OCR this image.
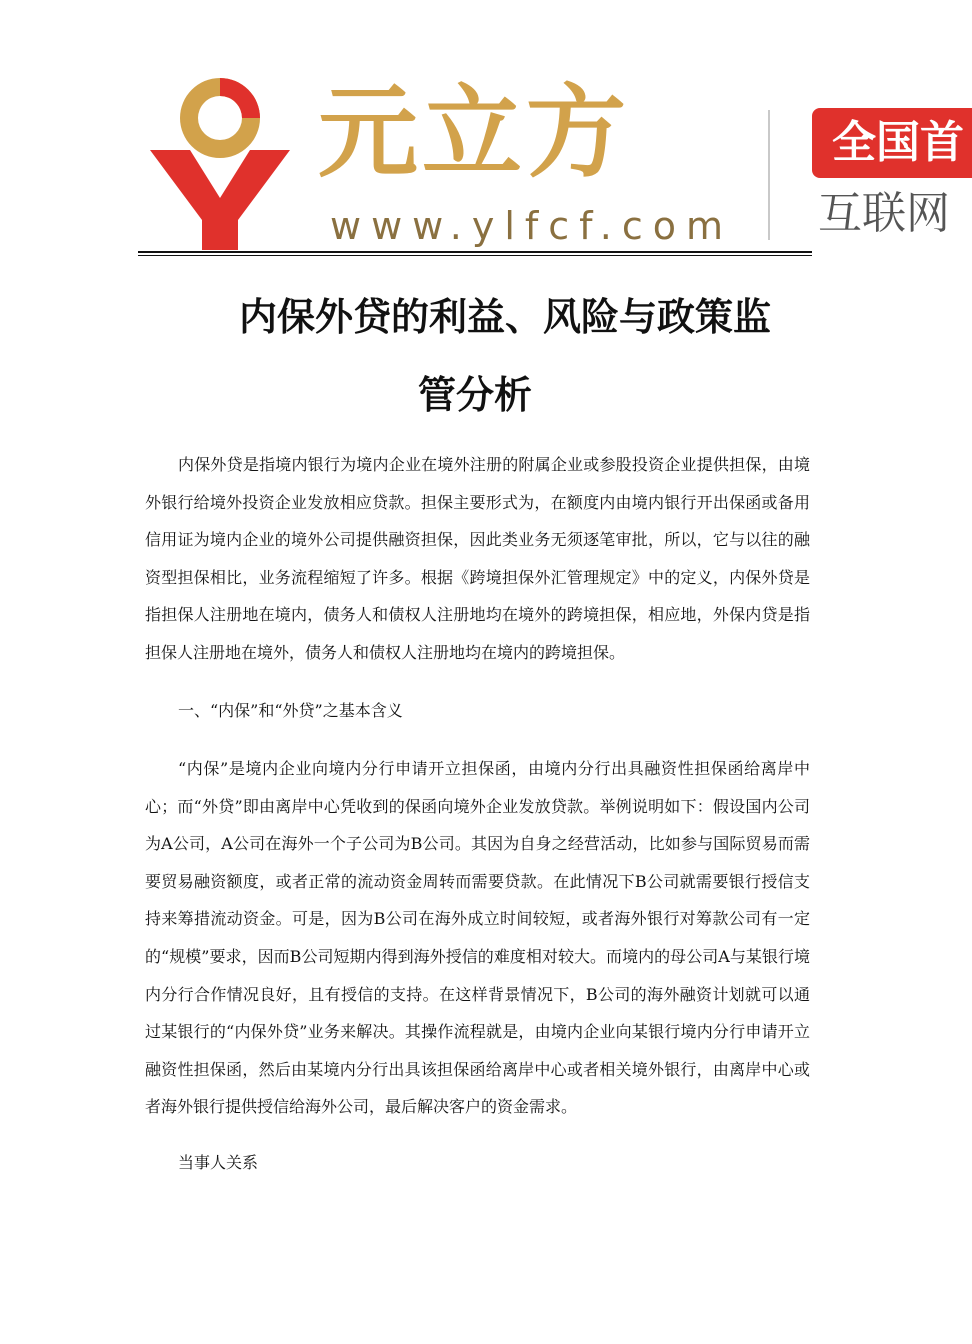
元立方
www.ylfcf.com
全国首
互联网
内保外贷的利益、风险与政策监
管分析

内保外贷是指境内银行为境内企业在境外注册的附属企业或参股投资企业提供担保，由境外银行给境外投资企业发放相应贷款。担保主要形式为，在额度内由境内银行开出保函或备用信用证为境内企业的境外公司提供融资担保，因此类业务无须逐笔审批，所以，它与以往的融资型担保相比，业务流程缩短了许多。根据《跨境担保外汇管理规定》中的定义，内保外贷是指担保人注册地在境内，债务人和债权人注册地均在境外的跨境担保，相应地，外保内贷是指担保人注册地在境外，债务人和债权人注册地均在境内的跨境担保。

一、“内保”和“外贷”之基本含义

“内保”是境内企业向境内分行申请开立担保函，由境内分行出具融资性担保函给离岸中心；而“外贷”即由离岸中心凭收到的保函向境外企业发放贷款。举例说明如下：假设国内公司为A公司，A公司在海外一个子公司为B公司。其因为自身之经营活动，比如参与国际贸易而需要贸易融资额度，或者正常的流动资金周转而需要贷款。在此情况下B公司就需要银行授信支持来筹措流动资金。可是，因为B公司在海外成立时间较短，或者海外银行对筹款公司有一定的“规模”要求，因而B公司短期内得到海外授信的难度相对较大。而境内的母公司A与某银行境内分行合作情况良好，且有授信的支持。在这样背景情况下，B公司的海外融资计划就可以通过某银行的“内保外贷”业务来解决。其操作流程就是，由境内企业向某银行境内分行申请开立融资性担保函，然后由某境内分行出具该担保函给离岸中心或者相关境外银行，由离岸中心或者海外银行提供授信给海外公司，最后解决客户的资金需求。

当事人关系
